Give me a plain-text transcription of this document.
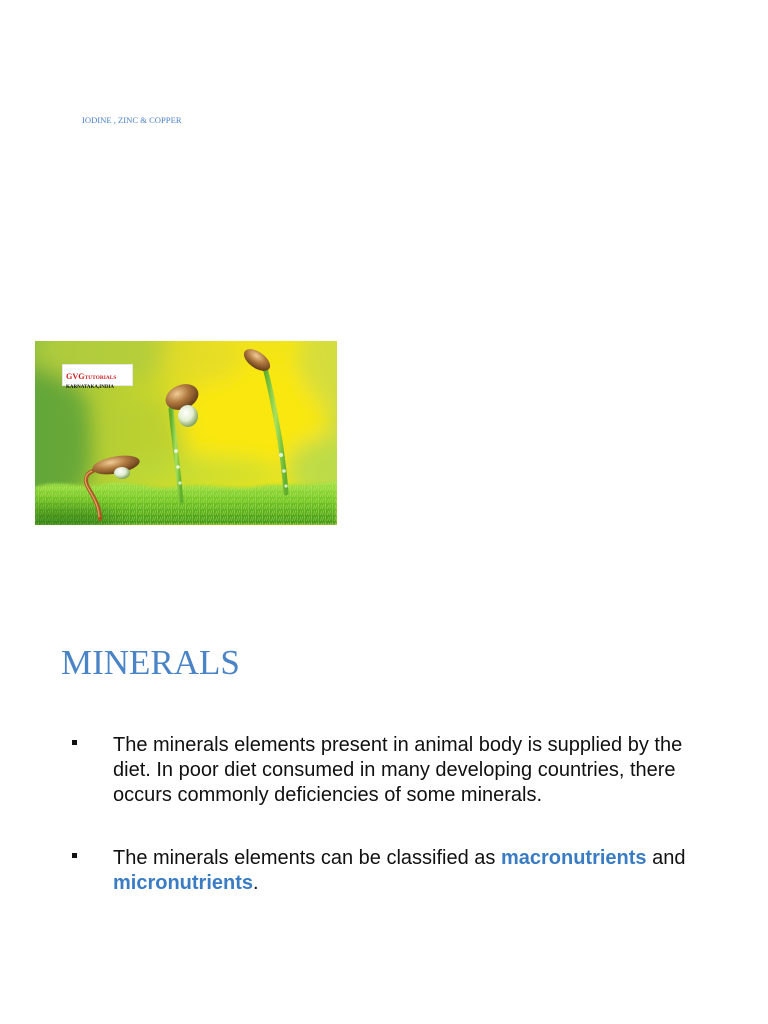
IODINE , ZINC & COPPER

GVGTUTORIALS
KARNATAKA,INDIA
MINERALS

The minerals elements present in animal body is supplied by the diet. In poor diet consumed in many developing countries, there occurs commonly deficiencies of some minerals.

The minerals elements can be classified as macronutrients and micronutrients.
